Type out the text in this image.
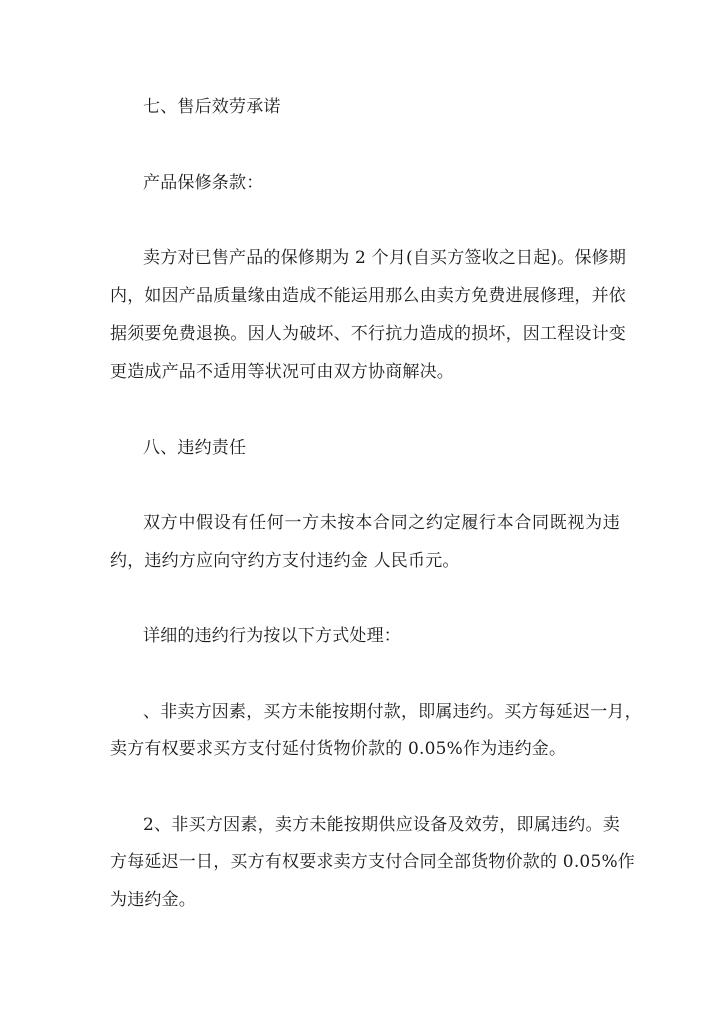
七、售后效劳承诺
产品保修条款：
卖方对已售产品的保修期为 2 个月(自买方签收之日起)。保修期
内，如因产品质量缘由造成不能运用那么由卖方免费进展修理，并依
据须要免费退换。因人为破坏、不行抗力造成的损坏，因工程设计变
更造成产品不适用等状况可由双方协商解决。
八、违约责任
双方中假设有任何一方未按本合同之约定履行本合同既视为违
约，违约方应向守约方支付违约金 人民币元。
详细的违约行为按以下方式处理：
、非卖方因素，买方未能按期付款，即属违约。买方每延迟一月，
卖方有权要求买方支付延付货物价款的 0.05%作为违约金。
2、非买方因素，卖方未能按期供应设备及效劳，即属违约。卖
方每延迟一日，买方有权要求卖方支付合同全部货物价款的 0.05%作
为违约金。
